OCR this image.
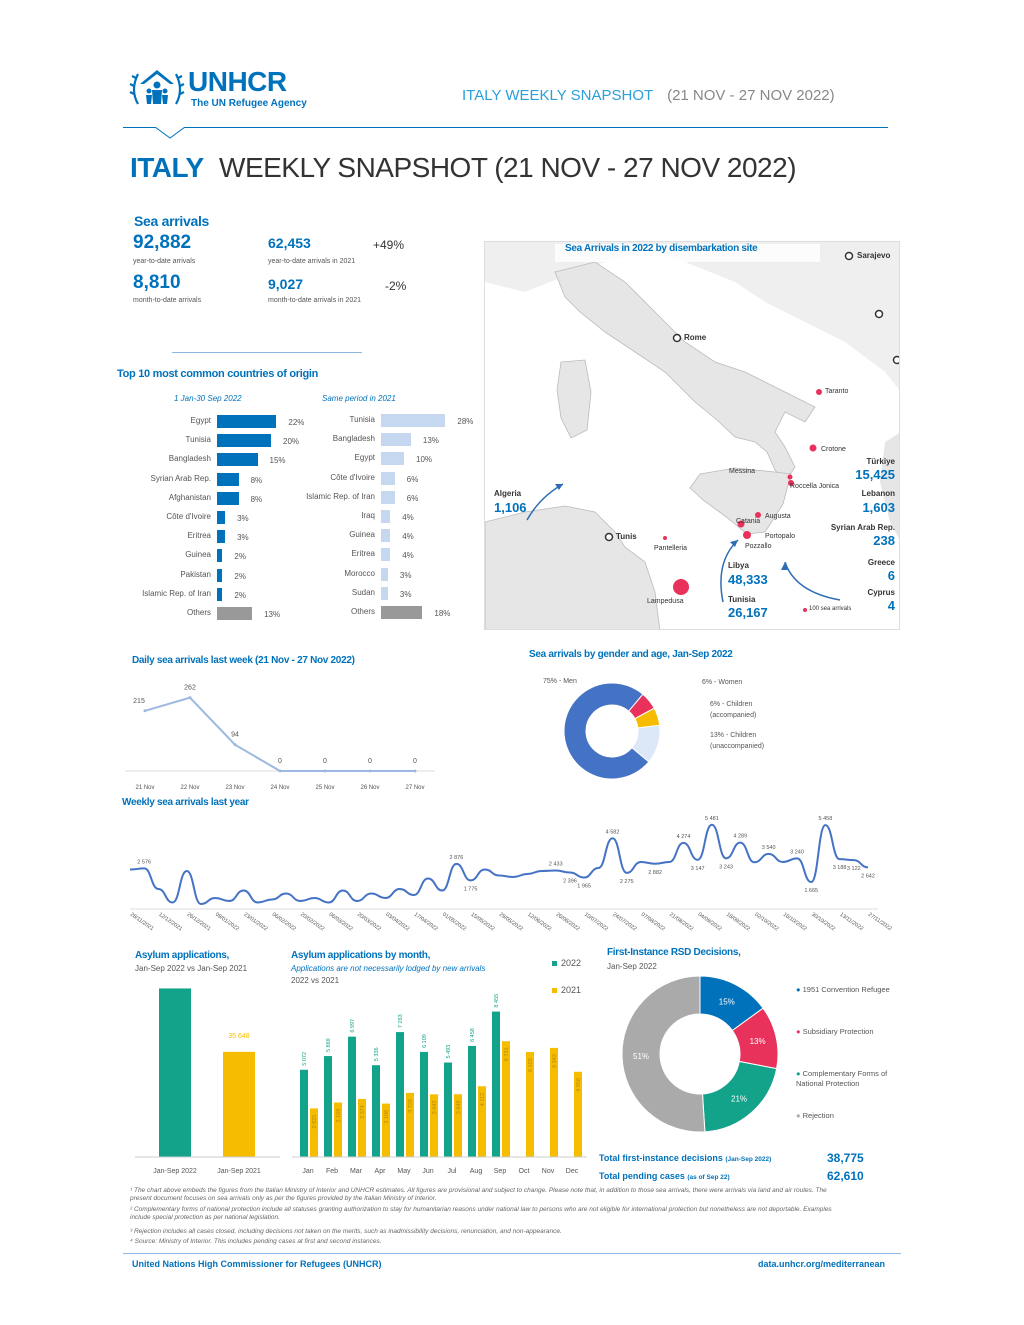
UNHCR
The UN Refugee Agency	ITALY WEEKLY SNAPSHOT (21 NOV - 27 NOV 2022)
ITALY WEEKLY SNAPSHOT (21 NOV - 27 NOV 2022)
Sea arrivals
92,882
year-to-date arrivals
62,453
year-to-date arrivals in 2021
+49%
8,810
month-to-date arrivals
9,027
month-to-date arrivals in 2021
-2%
Top 10 most common countries of origin
1 Jan-30 Sep 2022	Same period in 2021
Egypt	22%
Tunisia	20%
Bangladesh	15%
Syrian Arab Rep.	8%
Afghanistan	8%
Côte d'Ivoire	3%
Eritrea	3%
Guinea	2%
Pakistan	2%
Islamic Rep. of Iran	2%
Others	13%
Tunisia	28%
Bangladesh	13%
Egypt	10%
Côte d'Ivoire	6%
Islamic Rep. of Iran	6%
Iraq	4%
Guinea	4%
Eritrea	4%
Morocco	3%
Sudan	3%
Others	18%
Sea Arrivals in 2022 by disembarkation site
Sarajevo
Rome
Taranto
Crotone
Messina
Roccella Jonica
Catania
Augusta
Portopalo
Pozzallo
Pantelleria
Lampedusa
Tunis
Algeria
1,106
Libya
48,333
Tunisia
26,167
Türkiye
15,425
Lebanon
1,603
Syrian Arab Rep.
238
Greece
6
Cyprus
4
100 sea arrivals
Daily sea arrivals last week (21 Nov - 27 Nov 2022)
215
21 Nov
262
22 Nov
94
23 Nov
0
24 Nov
0
25 Nov
0
26 Nov
0
27 Nov
Sea arrivals by gender and age, Jan-Sep 2022
75% - Men	6% - Women
6% - Children (accompanied)
13% - Children (unaccompanied)
Weekly sea arrivals last year
2 576
2 876
1 775
2 433
2 396
1 965
4 582
2 275
2 882
4 274
3 147
5 481
3 243
4 289
3 540
3 240
1 665
5 458
3 188 3 122
2 642
28/11/2021 12/12/2021 26/12/2021 09/01/2022 23/01/2022 06/02/2022 20/02/2022 06/03/2022 20/03/2022 03/04/2022 17/04/2022 01/05/2022 15/05/2022 29/05/2022 12/06/2022 26/06/2022 10/07/2022 24/07/2022 07/08/2022 21/08/2022 04/09/2022 18/09/2022 02/10/2022 16/10/2022 30/10/2022 13/11/2022 27/11/2022
Asylum applications,
Jan-Sep 2022 vs Jan-Sep 2021
Jan-Sep 2022
35 648
Jan-Sep 2021
Asylum applications by month,
Applications are not necessarily lodged by new arrivals
2022 vs 2021
2022
2021
5 072
2 825
Jan
5 869
3 168
Feb
6 997
3 374
Mar
5 336
3 106
Apr
7 263
3 728
May
6 109
3 643
Jun
5 493
3 648
Jul
6 458
4 112
Aug
8 455
6 731
Sep
6 103
Oct
6 343
Nov
4 956
Dec
First-Instance RSD Decisions,
Jan-Sep 2022
15%
13%
21%
51%
● 1951 Convention Refugee
● Subsidiary Protection
● Complementary Forms of National Protection
● Rejection
Total first-instance decisions (Jan-Sep 2022)	38,775
Total pending cases (as of Sep 22)	62,610
¹ The chart above embeds the figures from the Italian Ministry of Interior and UNHCR estimates. All figures are provisional and subject to change. Please note that, in addition to those sea arrivals, there were arrivals via land and air routes. The present document focuses on sea arrivals only as per the figures provided by the Italian Ministry of Interior.
² Complementary forms of national protection include all statuses granting authorization to stay for humanitarian reasons under national law to persons who are not eligible for international protection but nonetheless are not deportable. Examples include special protection as per national legislation.
³ Rejection includes all cases closed, including decisions not taken on the merits, such as inadmissibility decisions, renunciation, and non-appearance.
⁴ Source: Ministry of Interior. This includes pending cases at first and second instances.
United Nations High Commissioner for Refugees (UNHCR)	data.unhcr.org/mediterranean
